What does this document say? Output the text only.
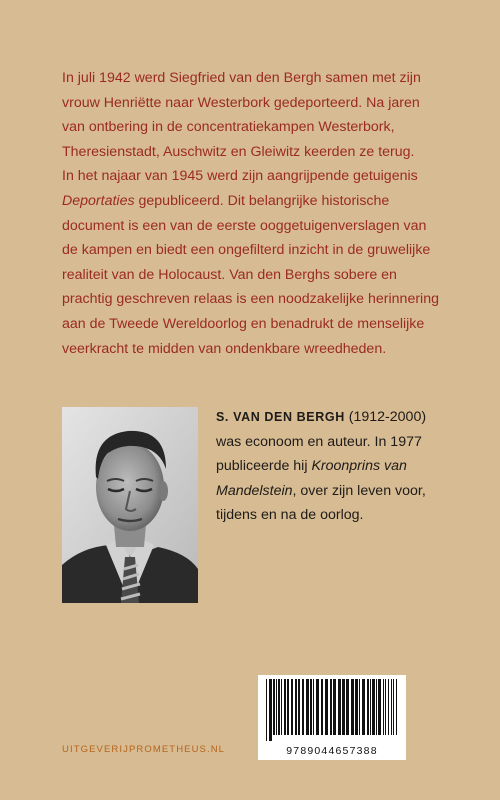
In juli 1942 werd Siegfried van den Bergh samen met zijn
vrouw Henriëtte naar Westerbork gedeporteerd. Na jaren
van ontbering in de concentratiekampen Westerbork,
Theresienstadt, Auschwitz en Gleiwitz keerden ze terug.
In het najaar van 1945 werd zijn aangrijpende getuigenis
Deportaties gepubliceerd. Dit belangrijke historische
document is een van de eerste ooggetuigenverslagen van
de kampen en biedt een ongefilterd inzicht in de gruwelijke
realiteit van de Holocaust. Van den Berghs sobere en
prachtig geschreven relaas is een noodzakelijke herinnering
aan de Tweede Wereldoorlog en benadrukt de menselijke
veerkracht te midden van ondenkbare wreedheden.

S. VAN DEN BERGH (1912-2000)
was econoom en auteur. In 1977
publiceerde hij Kroonprins van
Mandelstein, over zijn leven voor,
tijdens en na de oorlog.

9789044657388
UITGEVERIJPROMETHEUS.NL
